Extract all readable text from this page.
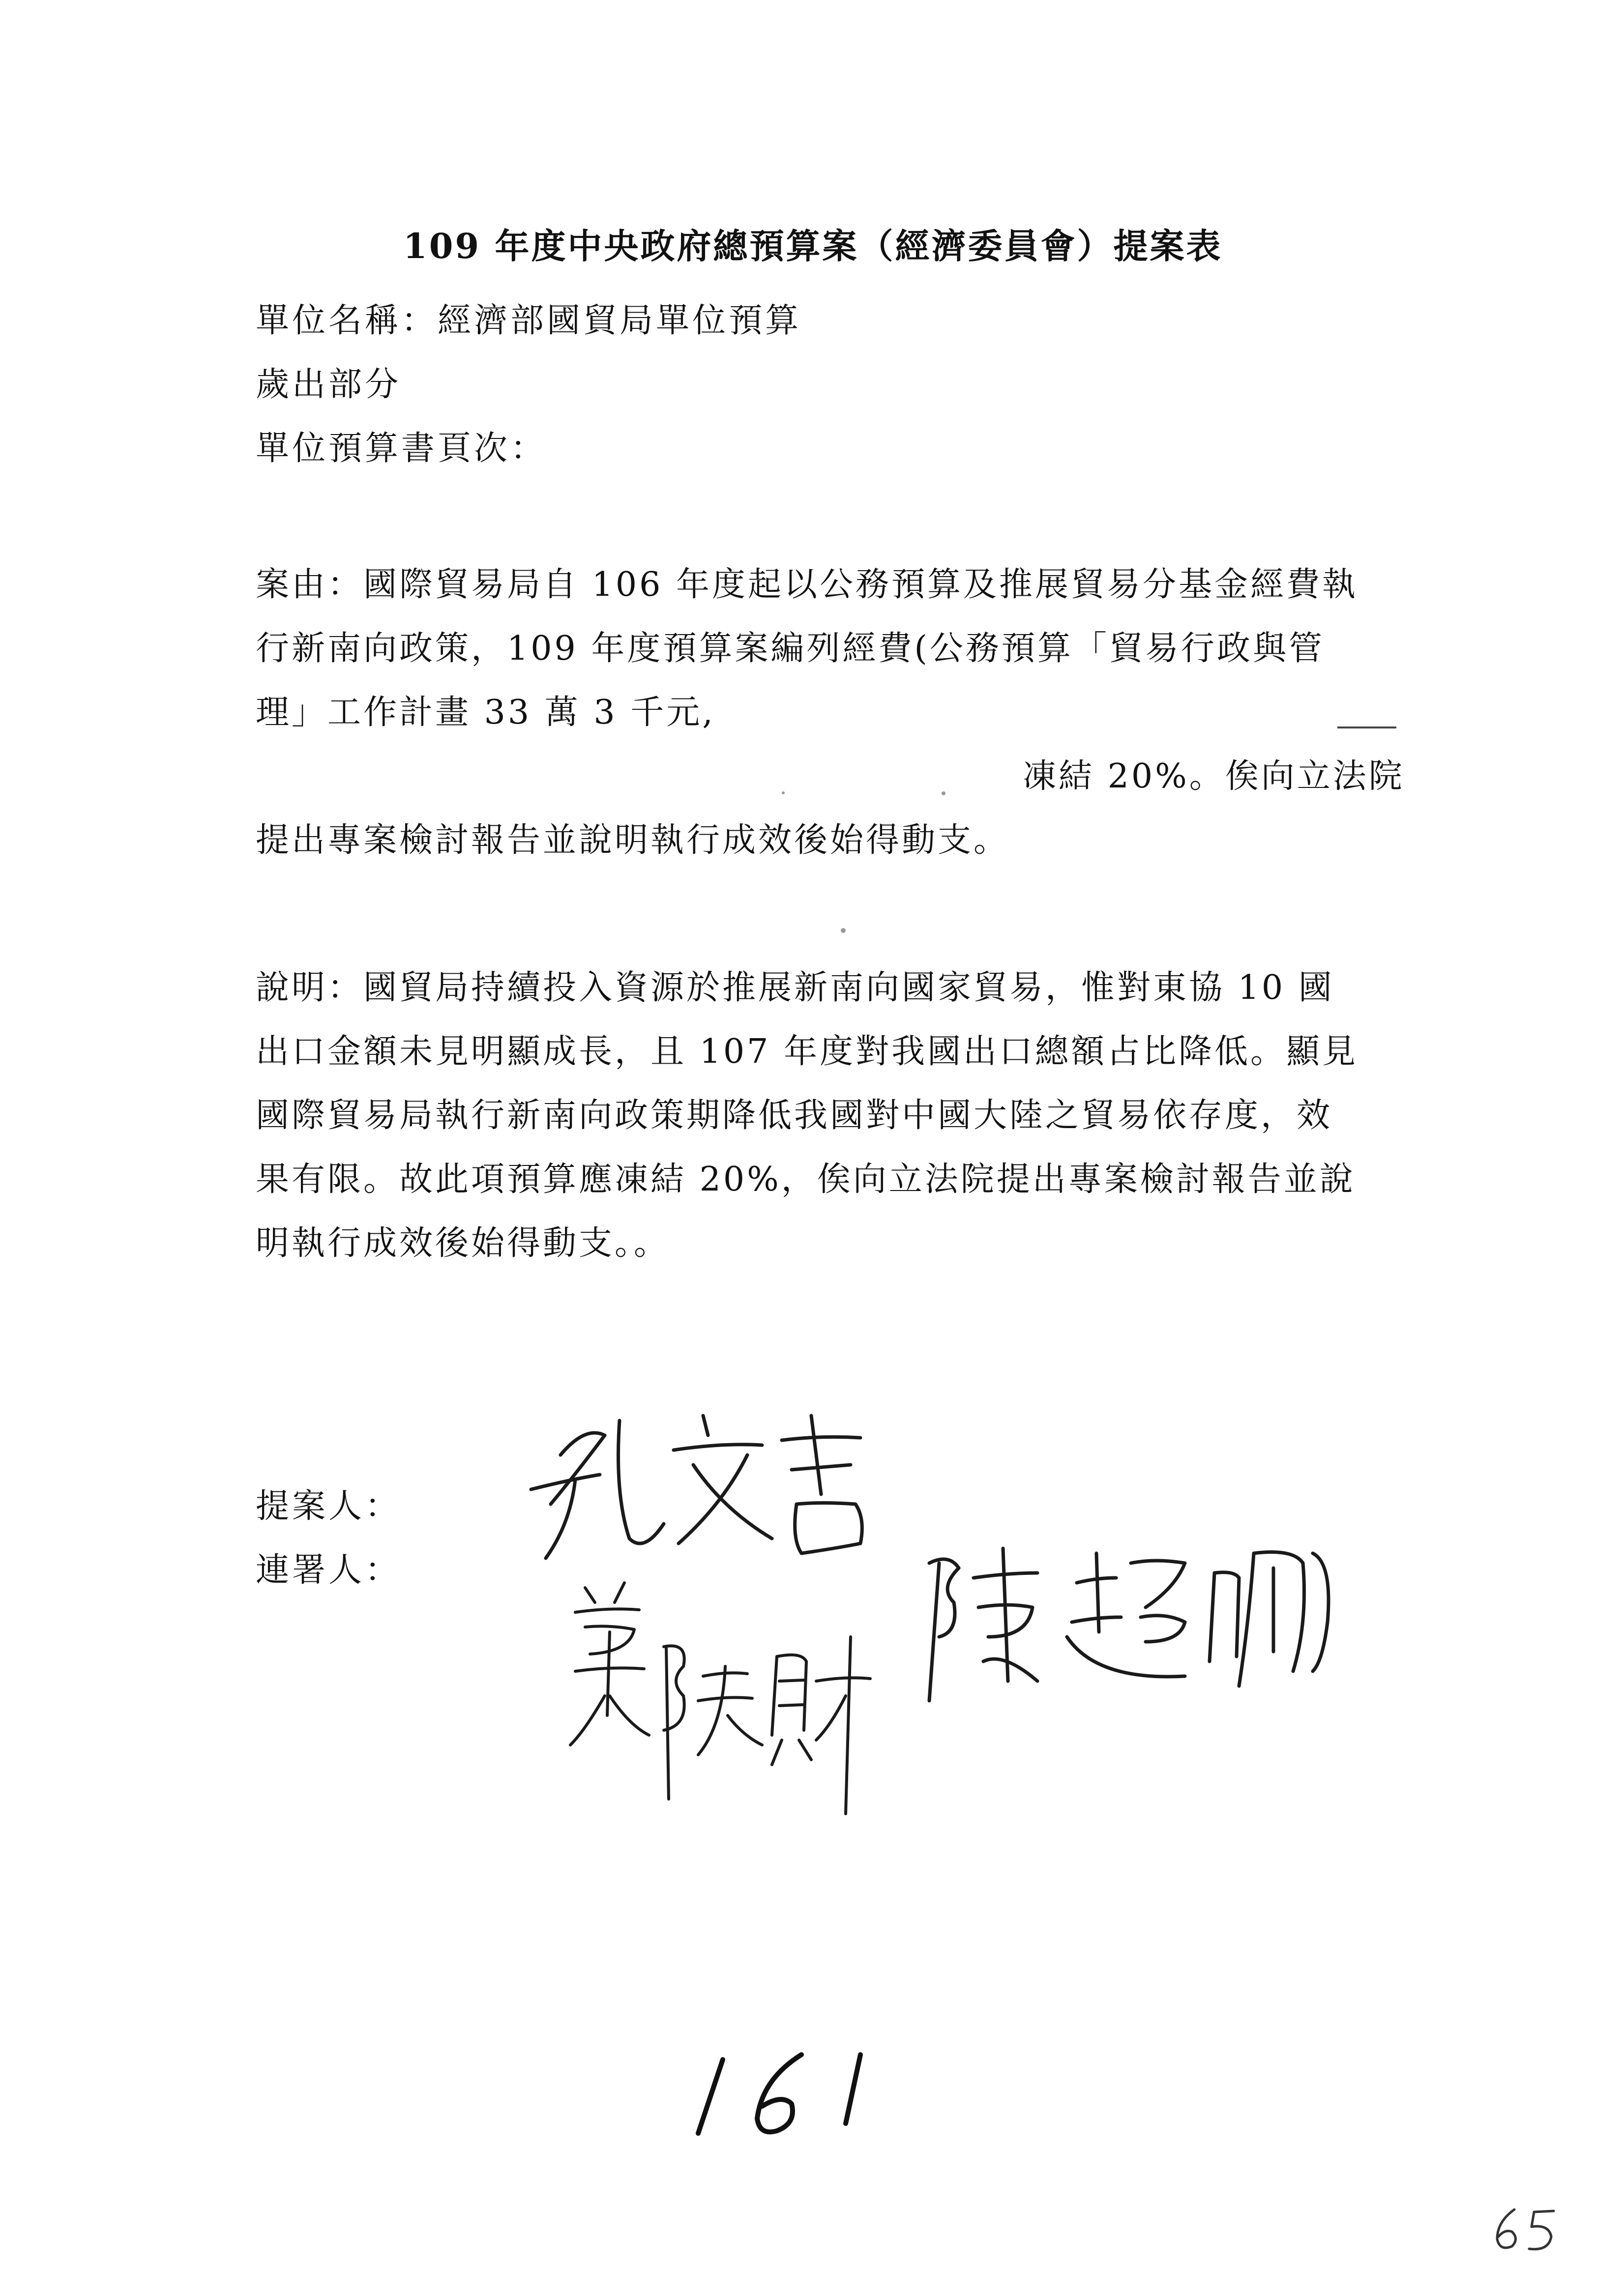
109 年度中央政府總預算案（經濟委員會）提案表
單位名稱：經濟部國貿局單位預算
歲出部分
單位預算書頁次：
案由：國際貿易局自 106 年度起以公務預算及推展貿易分基金經費執
行新南向政策，109 年度預算案編列經費(公務預算「貿易行政與管
理」工作計畫 33 萬 3 千元,
凍結 20%。俟向立法院
提出專案檢討報告並說明執行成效後始得動支。
說明：國貿局持續投入資源於推展新南向國家貿易，惟對東協 10 國
出口金額未見明顯成長，且 107 年度對我國出口總額占比降低。顯見
國際貿易局執行新南向政策期降低我國對中國大陸之貿易依存度，效
果有限。故此項預算應凍結 20%，俟向立法院提出專案檢討報告並說
明執行成效後始得動支。。
提案人：
連署人：
